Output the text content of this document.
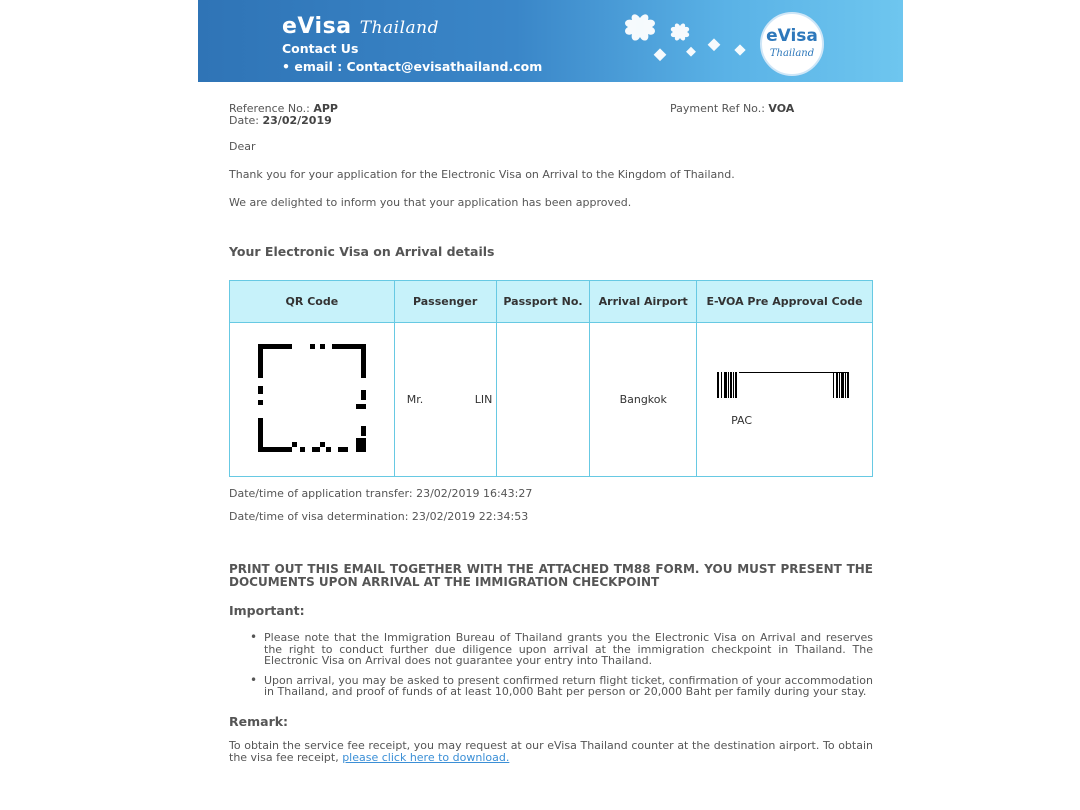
eVisa Thailand
Contact Us
• email : Contact@evisathailand.com
eVisa
Thailand
Reference No.: APP
Date: 23/02/2019
Payment Ref No.: VOA
Dear
Thank you for your application for the Electronic Visa on Arrival to the Kingdom of Thailand.
We are delighted to inform you that your application has been approved.
Your Electronic Visa on Arrival details
QR Code	Passenger	Passport No.	Arrival Airport	E-VOA Pre Approval Code
	Mr. LIN		Bangkok	PAC
Date/time of application transfer: 23/02/2019 16:43:27
Date/time of visa determination: 23/02/2019 22:34:53
PRINT OUT THIS EMAIL TOGETHER WITH THE ATTACHED TM88 FORM. YOU MUST PRESENT THE DOCUMENTS UPON ARRIVAL AT THE IMMIGRATION CHECKPOINT
Important:
• Please note that the Immigration Bureau of Thailand grants you the Electronic Visa on Arrival and reserves the right to conduct further due diligence upon arrival at the immigration checkpoint in Thailand. The Electronic Visa on Arrival does not guarantee your entry into Thailand.
• Upon arrival, you may be asked to present confirmed return flight ticket, confirmation of your accommodation in Thailand, and proof of funds of at least 10,000 Baht per person or 20,000 Baht per family during your stay.
Remark:
To obtain the service fee receipt, you may request at our eVisa Thailand counter at the destination airport. To obtain the visa fee receipt, please click here to download.
